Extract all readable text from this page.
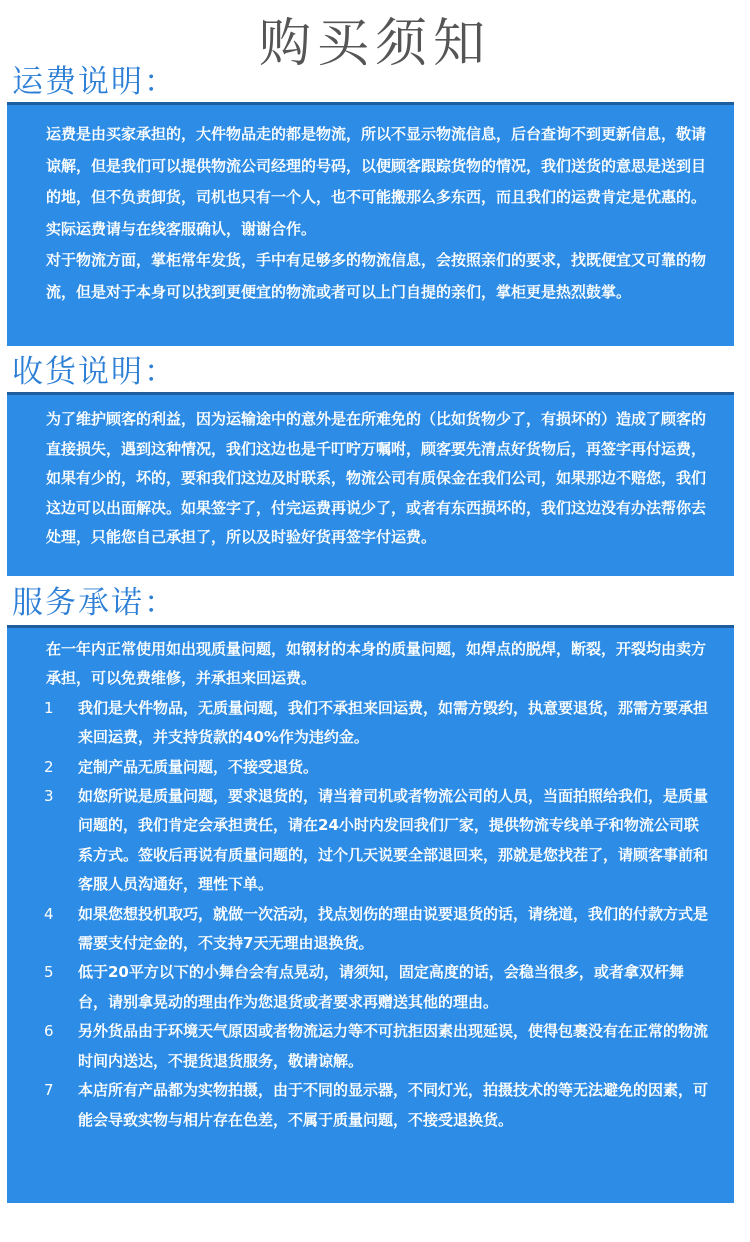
购买须知
运费说明：

运费是由买家承担的，大件物品走的都是物流，所以不显示物流信息，后台查询不到更新信息，敬请谅解，但是我们可以提供物流公司经理的号码，以便顾客跟踪货物的情况，我们送货的意思是送到目的地，但不负责卸货，司机也只有一个人，也不可能搬那么多东西，而且我们的运费肯定是优惠的。实际运费请与在线客服确认，谢谢合作。

对于物流方面，掌柜常年发货，手中有足够多的物流信息，会按照亲们的要求，找既便宜又可靠的物流，但是对于本身可以找到更便宜的物流或者可以上门自提的亲们，掌柜更是热烈鼓掌。

收货说明：

为了维护顾客的利益，因为运输途中的意外是在所难免的（比如货物少了，有损坏的）造成了顾客的直接损失，遇到这种情况，我们这边也是千叮咛万嘱咐，顾客要先清点好货物后，再签字再付运费，如果有少的，坏的，要和我们这边及时联系，物流公司有质保金在我们公司，如果那边不赔您，我们这边可以出面解决。如果签字了，付完运费再说少了，或者有东西损坏的，我们这边没有办法帮你去处理，只能您自己承担了，所以及时验好货再签字付运费。

服务承诺：

在一年内正常使用如出现质量问题，如钢材的本身的质量问题，如焊点的脱焊，断裂，开裂均由卖方承担，可以免费维修，并承担来回运费。

1 我们是大件物品，无质量问题，我们不承担来回运费，如需方毁约，执意要退货，那需方要承担来回运费，并支持货款的40%作为违约金。
2 定制产品无质量问题，不接受退货。
3 如您所说是质量问题，要求退货的，请当着司机或者物流公司的人员，当面拍照给我们，是质量问题的，我们肯定会承担责任，请在24小时内发回我们厂家，提供物流专线单子和物流公司联系方式。签收后再说有质量问题的，过个几天说要全部退回来，那就是您找茬了，请顾客事前和客服人员沟通好，理性下单。
4 如果您想投机取巧，就做一次活动，找点划伤的理由说要退货的话，请绕道，我们的付款方式是需要支付定金的，不支持7天无理由退换货。
5 低于20平方以下的小舞台会有点晃动，请须知，固定高度的话，会稳当很多，或者拿双杆舞台，请别拿晃动的理由作为您退货或者要求再赠送其他的理由。
6 另外货品由于环境天气原因或者物流运力等不可抗拒因素出现延误，使得包裹没有在正常的物流时间内送达，不提货退货服务，敬请谅解。
7 本店所有产品都为实物拍摄，由于不同的显示器，不同灯光，拍摄技术的等无法避免的因素，可能会导致实物与相片存在色差，不属于质量问题，不接受退换货。
